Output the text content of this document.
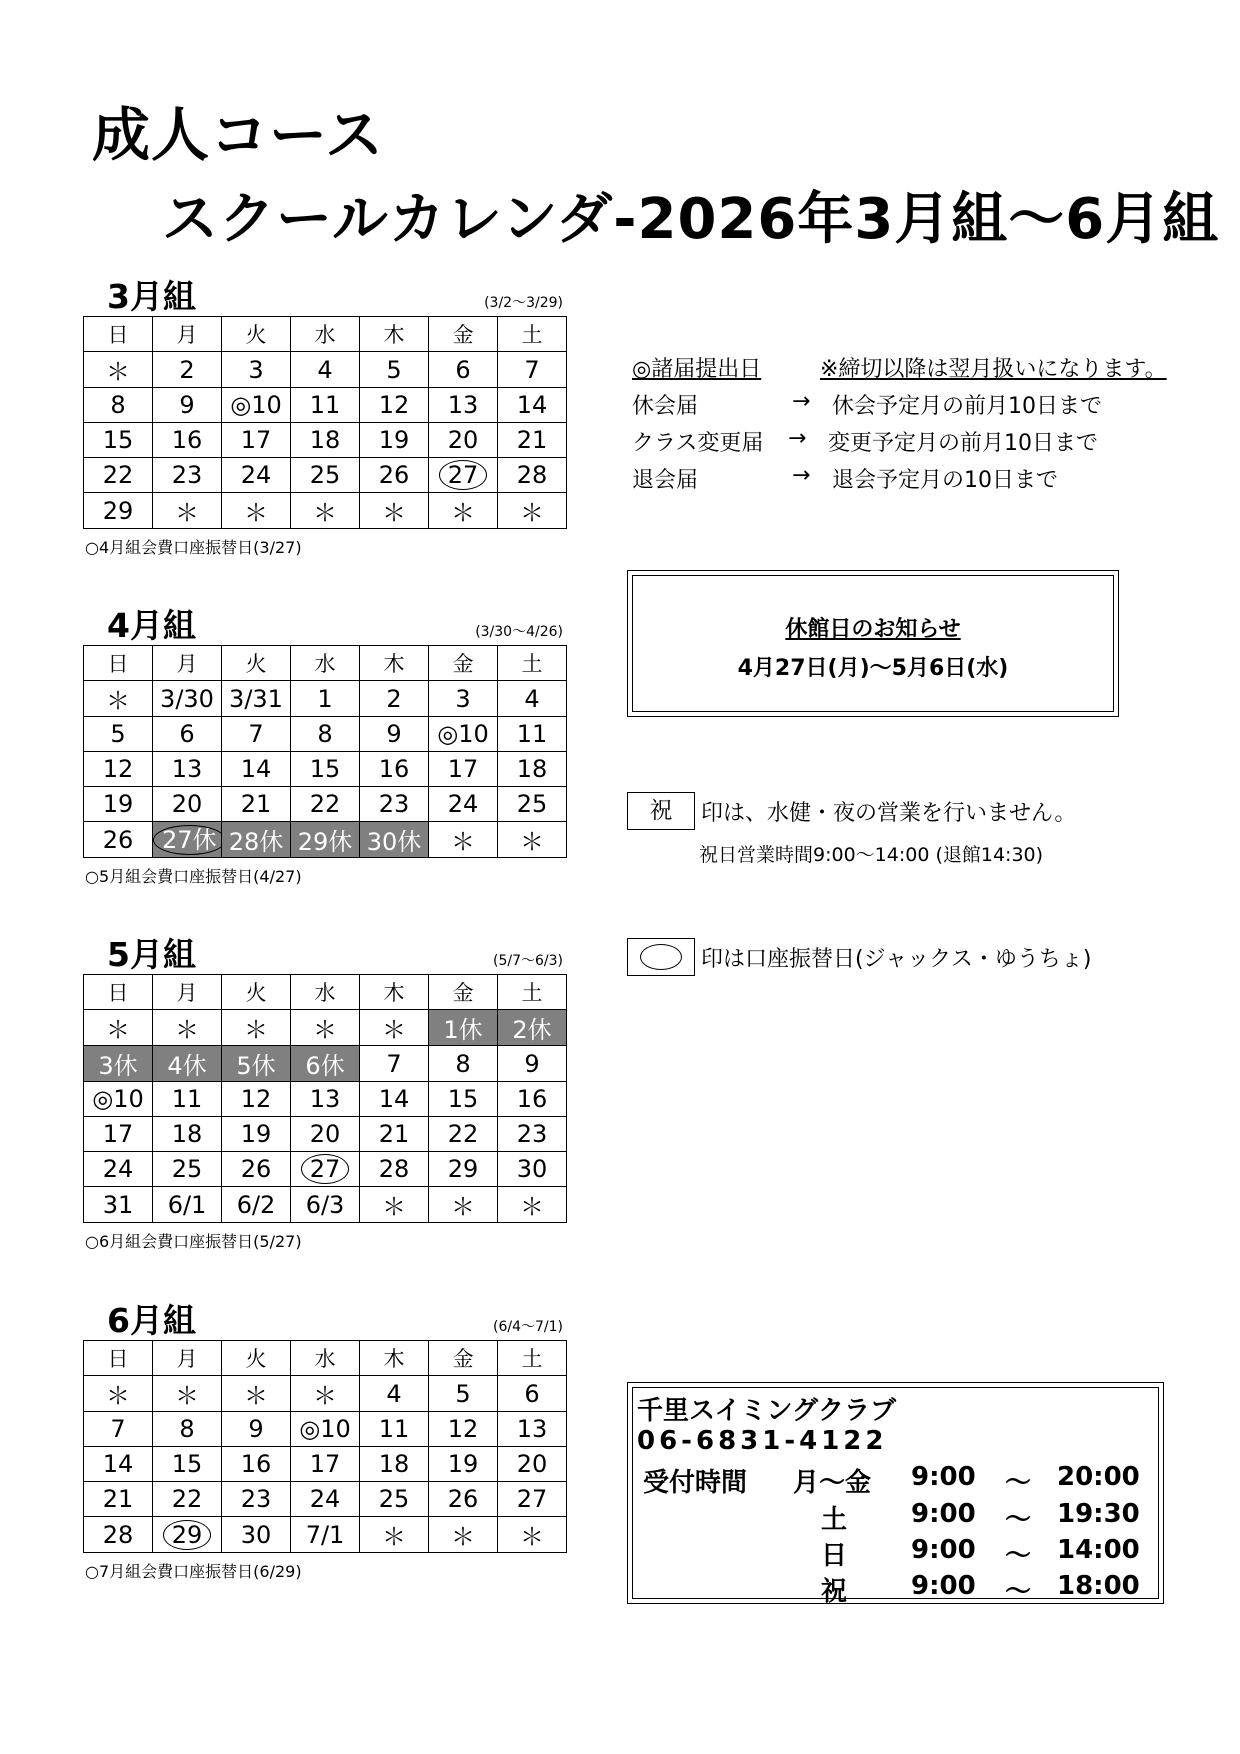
成人コース
スクールカレンダ-2026年3月組～6月組
3月組	(3/2～3/29)
日	月	火	水	木	金	土
＊	2	3	4	5	6	7
8	9	◎10	11	12	13	14
15	16	17	18	19	20	21
22	23	24	25	26	27	28
29	＊	＊	＊	＊	＊	＊
○4月組会費口座振替日(3/27)
4月組	(3/30～4/26)
日	月	火	水	木	金	土
＊	3/30	3/31	1	2	3	4
5	6	7	8	9	◎10	11
12	13	14	15	16	17	18
19	20	21	22	23	24	25
26	27休	28休	29休	30休	＊	＊
○5月組会費口座振替日(4/27)
5月組	(5/7～6/3)
日	月	火	水	木	金	土
＊	＊	＊	＊	＊	1休	2休
3休	4休	5休	6休	7	8	9
◎10	11	12	13	14	15	16
17	18	19	20	21	22	23
24	25	26	27	28	29	30
31	6/1	6/2	6/3	＊	＊	＊
○6月組会費口座振替日(5/27)
6月組	(6/4～7/1)
日	月	火	水	木	金	土
＊	＊	＊	＊	4	5	6
7	8	9	◎10	11	12	13
14	15	16	17	18	19	20
21	22	23	24	25	26	27
28	29	30	7/1	＊	＊	＊
○7月組会費口座振替日(6/29)
◎諸届提出日	※締切以降は翌月扱いになります。
休会届	→ 休会予定月の前月10日まで
クラス変更届 → 変更予定月の前月10日まで
退会届	→ 退会予定月の10日まで
休館日のお知らせ
4月27日(月)～5月6日(水)
祝 印は、水健・夜の営業を行いません。
祝日営業時間9:00～14:00 (退館14:30)
印は口座振替日(ジャックス・ゆうちょ)
千里スイミングクラブ
06-6831-4122
受付時間 月～金 9:00 ～ 20:00
土 9:00 ～ 19:30
日 9:00 ～ 14:00
祝 9:00 ～ 18:00
